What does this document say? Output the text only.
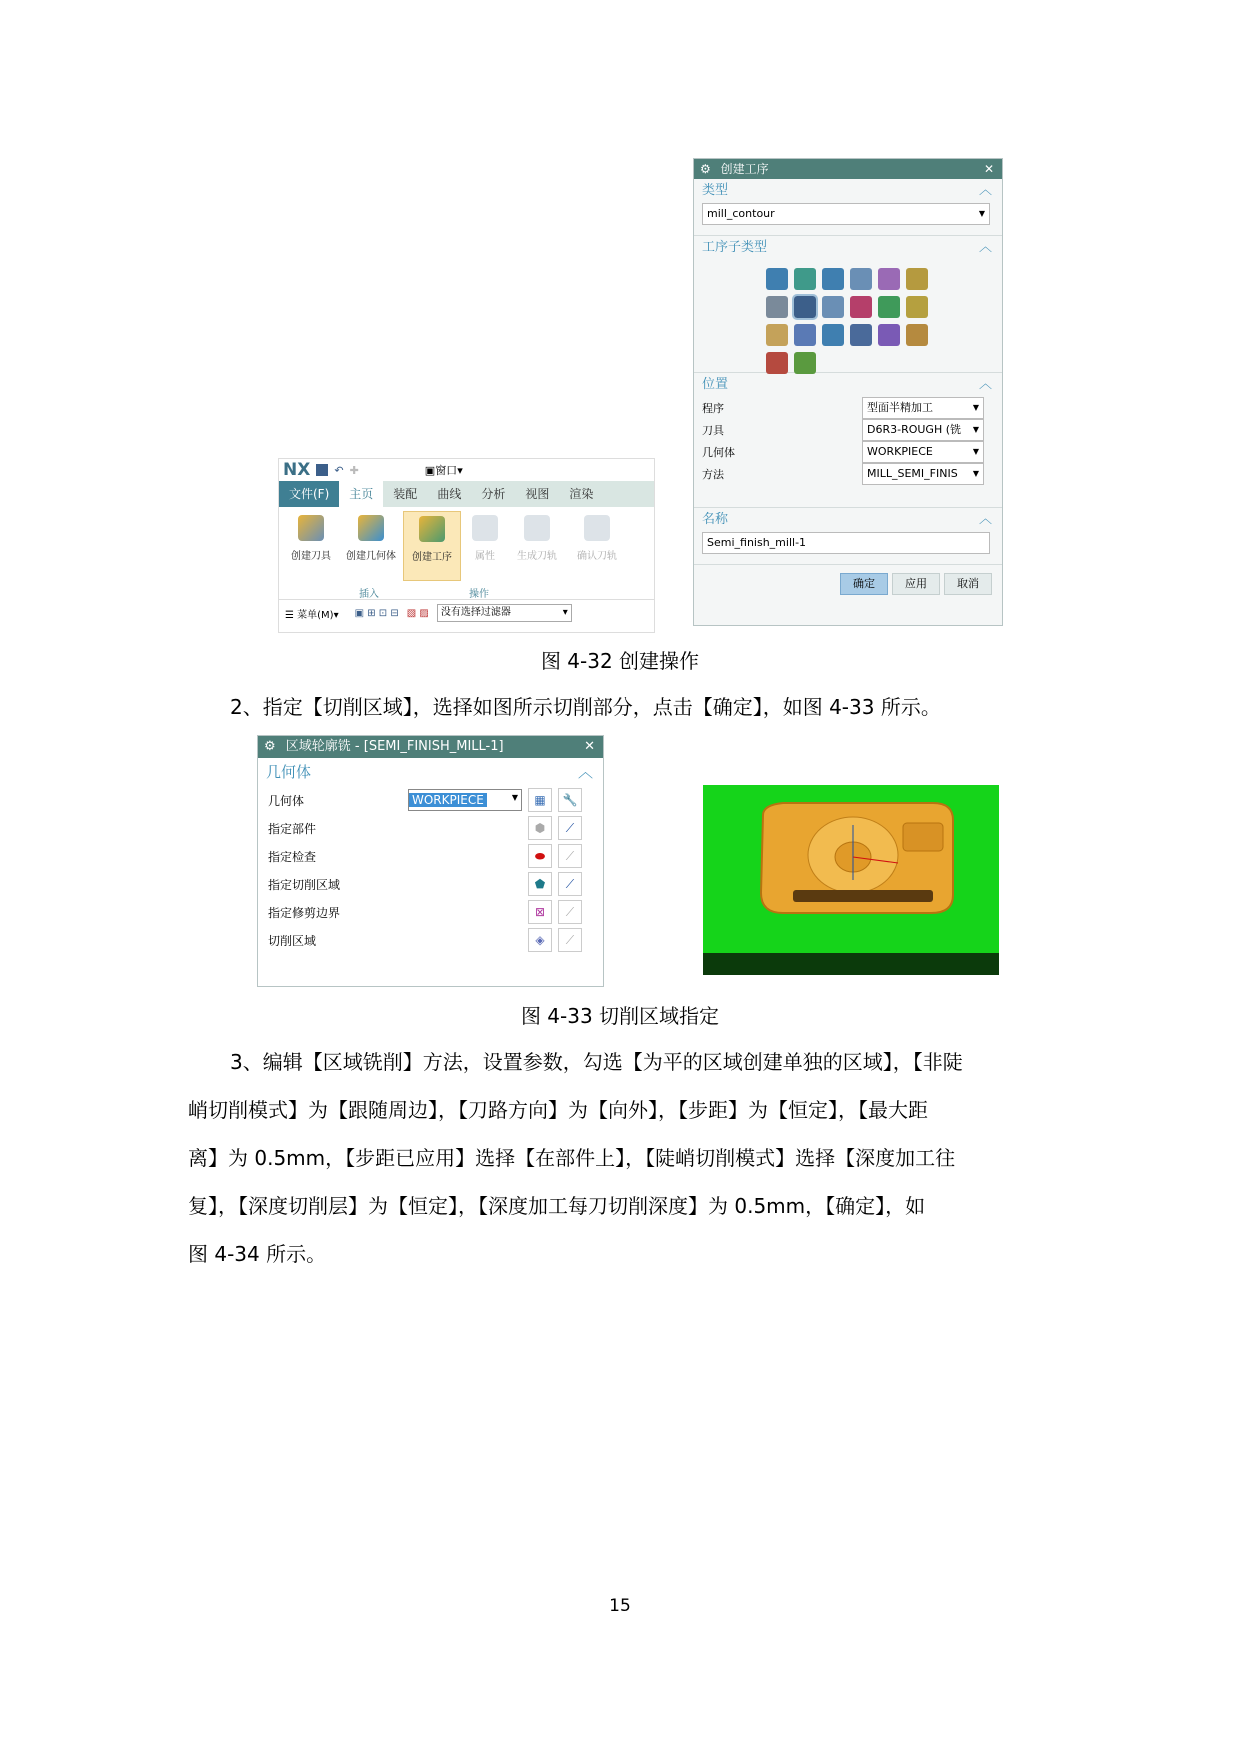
NX ↶ ✚	▣窗口▾
文件(F)	主页	装配	曲线	分析	视图	渲染
创建刀具	创建几何体	创建工序	属性	生成刀轨	确认刀轨
插入	操作
☰ 菜单(M)▾ ▣ ⊞ ⊡ ⊟ ▧ ▨	没有选择过滤器	▾
⚙ 创建工序	✕
类型	︿
mill_contour	▼
工序子类型	︿
位置	︿
程序	型面半精加工	▼
刀具	D6R3-ROUGH (铣 ▼
几何体	WORKPIECE	▼
方法	MILL_SEMI_FINIS ▼
名称	︿
Semi_finish_mill-1
确定	应用	取消
图 4-32 创建操作
2、指定【切削区域】，选择如图所示切削部分，点击【确定】，如图 4-33 所示。
⚙ 区域轮廓铣 - [SEMI_FINISH_MILL-1]	✕
几何体	︿
几何体	WORKPIECE	▼	▦	🔧
指定部件	⬢	⟋
指定检查	⬬	⟋
指定切削区域	⬟	⟋
指定修剪边界	⊠	⟋
切削区域	◈	⟋
图 4-33 切削区域指定
3、编辑【区域铣削】方法，设置参数，勾选【为平的区域创建单独的区域】，【非陡
峭切削模式】为【跟随周边】，【刀路方向】为【向外】，【步距】为【恒定】，【最大距
离】为 0.5mm，【步距已应用】选择【在部件上】，【陡峭切削模式】选择【深度加工往
复】，【深度切削层】为【恒定】，【深度加工每刀切削深度】为 0.5mm，【确定】，如
图 4-34 所示。
15
